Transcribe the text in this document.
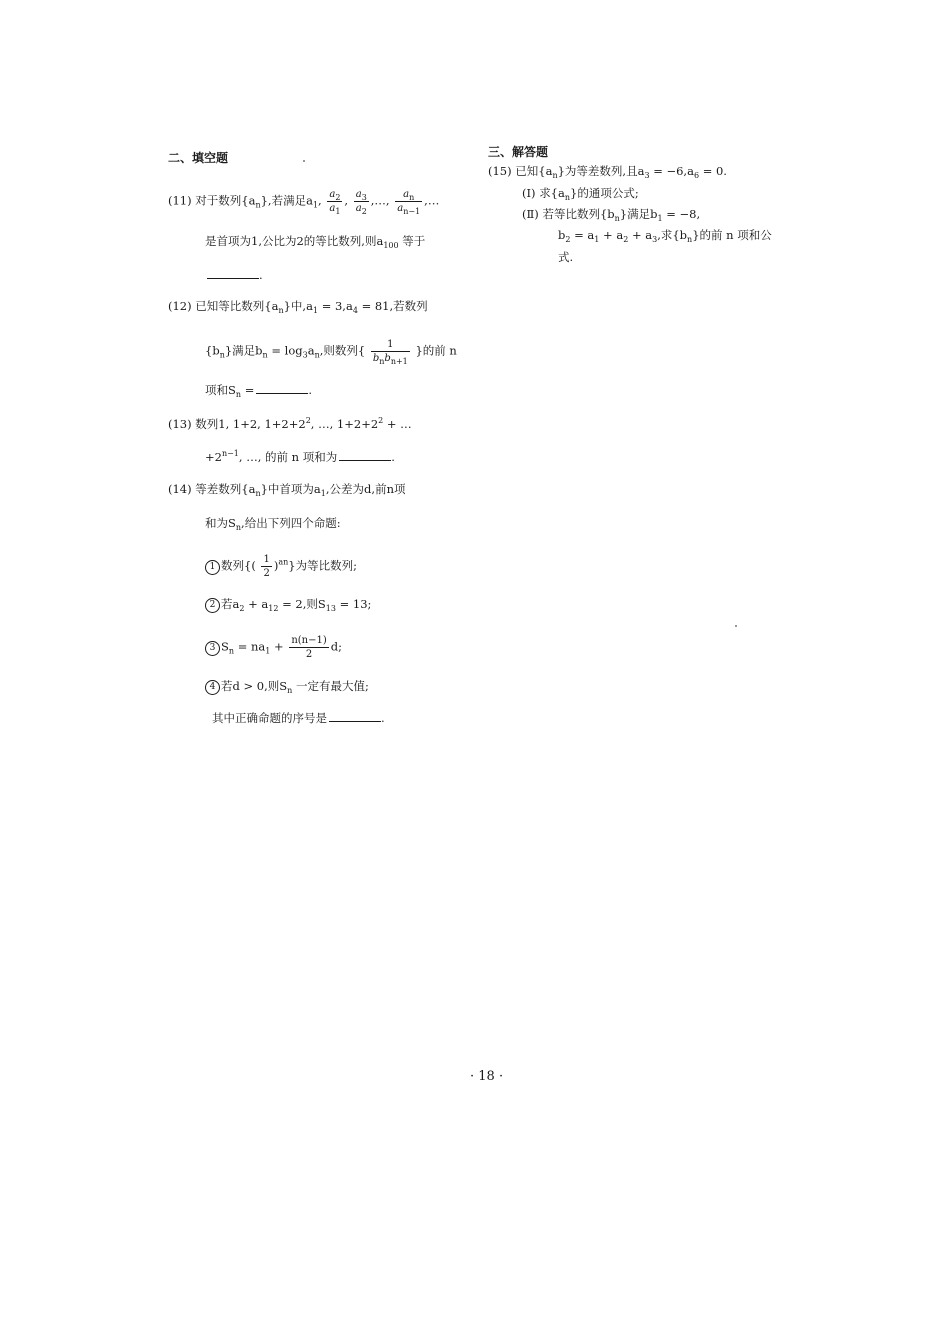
二、填空题
(11) 对于数列$\{a_n\}$,若满足$a_1$, $\frac{a_2}{a_1}$ , $\frac{a_3}{a_2}$ ,…, $\frac{a_n}{a_{n-1}}$ ,…
是首项为1,公比为2的等比数列,则$a_{100}$ 等于
.
(12) 已知等比数列$\{a_n\}$中$,a_1 = 3,a_4 = 81$,若数列
$\{b_n\}$满足$b_n = \log_3a_n$,则数列{ $\frac{1}{b_nb_{n+1}}$ }的前 n
项和$S_n$ =	.
(13) 数列1, 1+2, $1+2+2^2$, …, $1+2+2^2$ + …
$+2^{n-1}$, …, 的前 n 项和为	.
(14) 等差数列$\{a_n\}$中首项为$a_1$,公差为d,前n项
和为$S_n$,给出下列四个命题:
1 数列{( $\frac{1}{2} )^{an}$}为等比数列;
2 若$a_2 + a_{12} = 2$,则$S_{13} = 13$;
3 $S_n = na_1 + \frac{n(n-1)}{2} d$;
4 若d > 0,则$S_n$ 一定有最大值;
其中正确命题的序号是	.
三、解答题
(15) 已知$\{a_n\}$为等差数列,且$a_3 = -6,a_6 = 0$.
(Ⅰ) 求$\{a_n\}$的通项公式;
(Ⅱ) 若等比数列$\{b_n\}$满足$b_1 = -8$,
$b_2 = a_1 + a_2 + a_3$,求$\{b_n\}$的前 n 项和公
式.
· 18 ·
